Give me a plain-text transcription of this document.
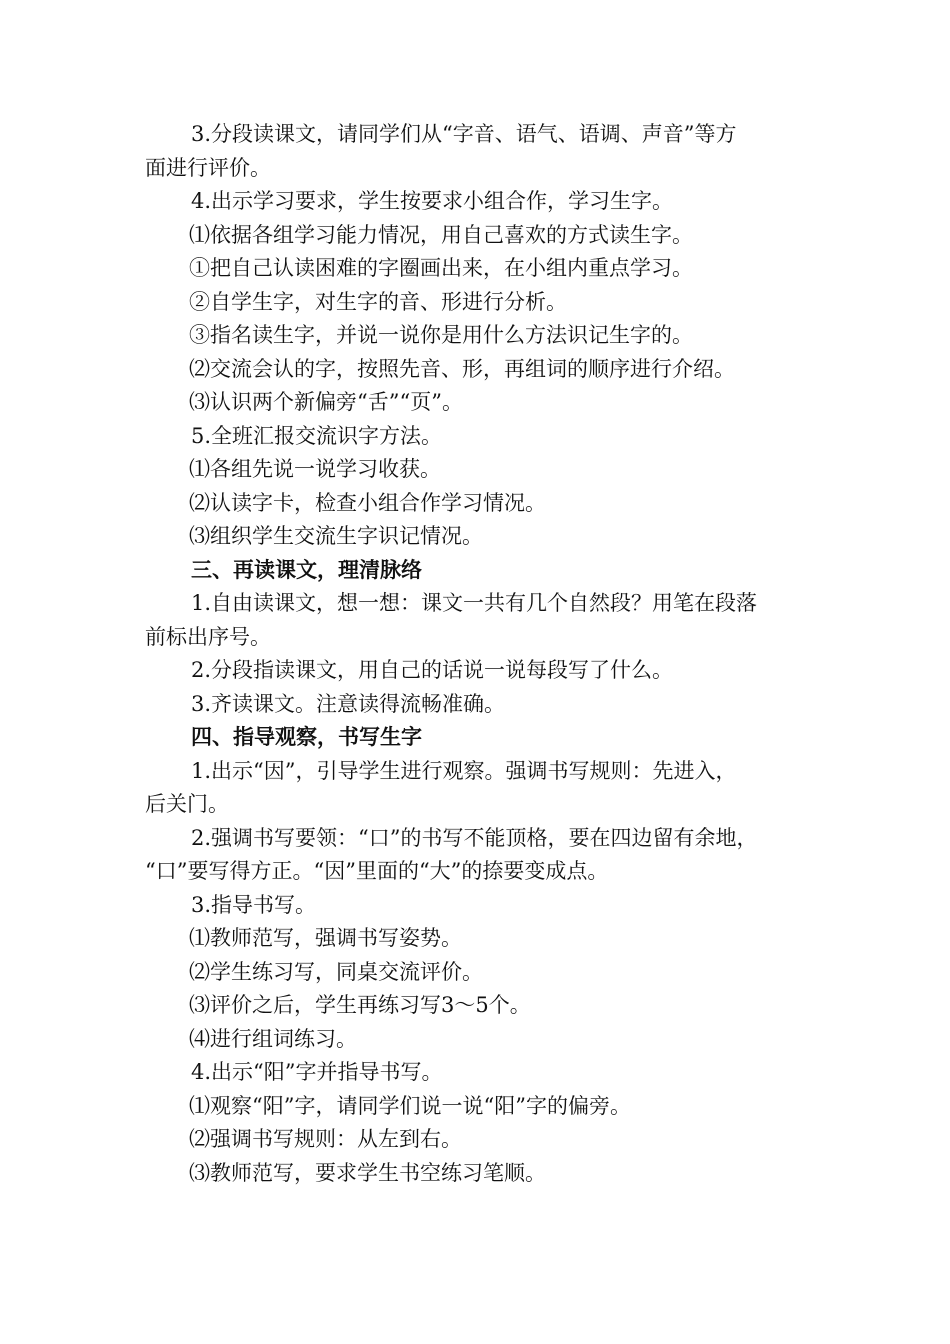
3.分段读课文，请同学们从“字音、语气、语调、声音”等方
面进行评价。
4.出示学习要求，学生按要求小组合作，学习生字。
⑴依据各组学习能力情况，用自己喜欢的方式读生字。
①把自己认读困难的字圈画出来，在小组内重点学习。
②自学生字，对生字的音、形进行分析。
③指名读生字，并说一说你是用什么方法识记生字的。
⑵交流会认的字，按照先音、形，再组词的顺序进行介绍。
⑶认识两个新偏旁“舌”“页”。
5.全班汇报交流识字方法。
⑴各组先说一说学习收获。
⑵认读字卡，检查小组合作学习情况。
⑶组织学生交流生字识记情况。
三、再读课文，理清脉络
1.自由读课文，想一想：课文一共有几个自然段？用笔在段落
前标出序号。
2.分段指读课文，用自己的话说一说每段写了什么。
3.齐读课文。注意读得流畅准确。
四、指导观察，书写生字
1.出示“因”，引导学生进行观察。强调书写规则：先进入，
后关门。
2.强调书写要领：“口”的书写不能顶格，要在四边留有余地，
“口”要写得方正。“因”里面的“大”的捺要变成点。
3.指导书写。
⑴教师范写，强调书写姿势。
⑵学生练习写，同桌交流评价。
⑶评价之后，学生再练习写3～5个。
⑷进行组词练习。
4.出示“阳”字并指导书写。
⑴观察“阳”字，请同学们说一说“阳”字的偏旁。
⑵强调书写规则：从左到右。
⑶教师范写，要求学生书空练习笔顺。
